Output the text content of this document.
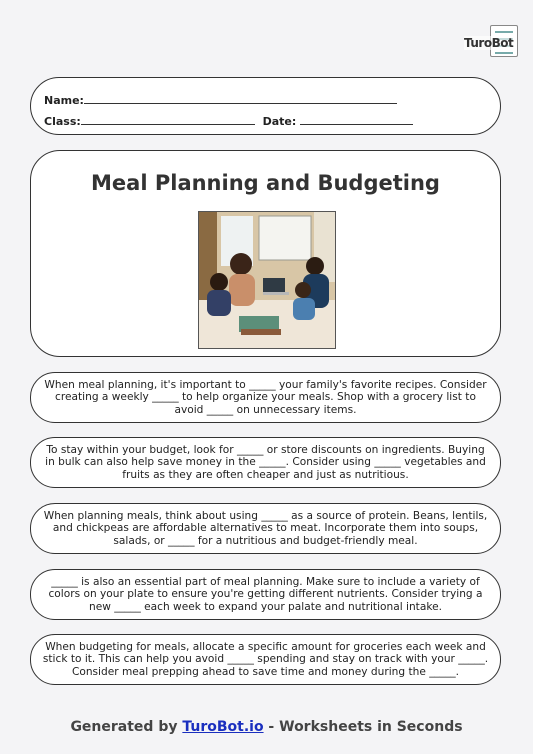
TuroBot
Name:
Class:	Date:
Meal Planning and Budgeting
When meal planning, it's important to _____ your family's favorite recipes. Consider creating a weekly _____ to help organize your meals. Shop with a grocery list to avoid _____ on unnecessary items.
To stay within your budget, look for _____ or store discounts on ingredients. Buying in bulk can also help save money in the _____. Consider using _____ vegetables and fruits as they are often cheaper and just as nutritious.
When planning meals, think about using _____ as a source of protein. Beans, lentils, and chickpeas are affordable alternatives to meat. Incorporate them into soups, salads, or _____ for a nutritious and budget-friendly meal.
_____ is also an essential part of meal planning. Make sure to include a variety of colors on your plate to ensure you're getting different nutrients. Consider trying a new _____ each week to expand your palate and nutritional intake.
When budgeting for meals, allocate a specific amount for groceries each week and stick to it. This can help you avoid _____ spending and stay on track with your _____. Consider meal prepping ahead to save time and money during the _____.
Generated by TuroBot.io - Worksheets in Seconds
